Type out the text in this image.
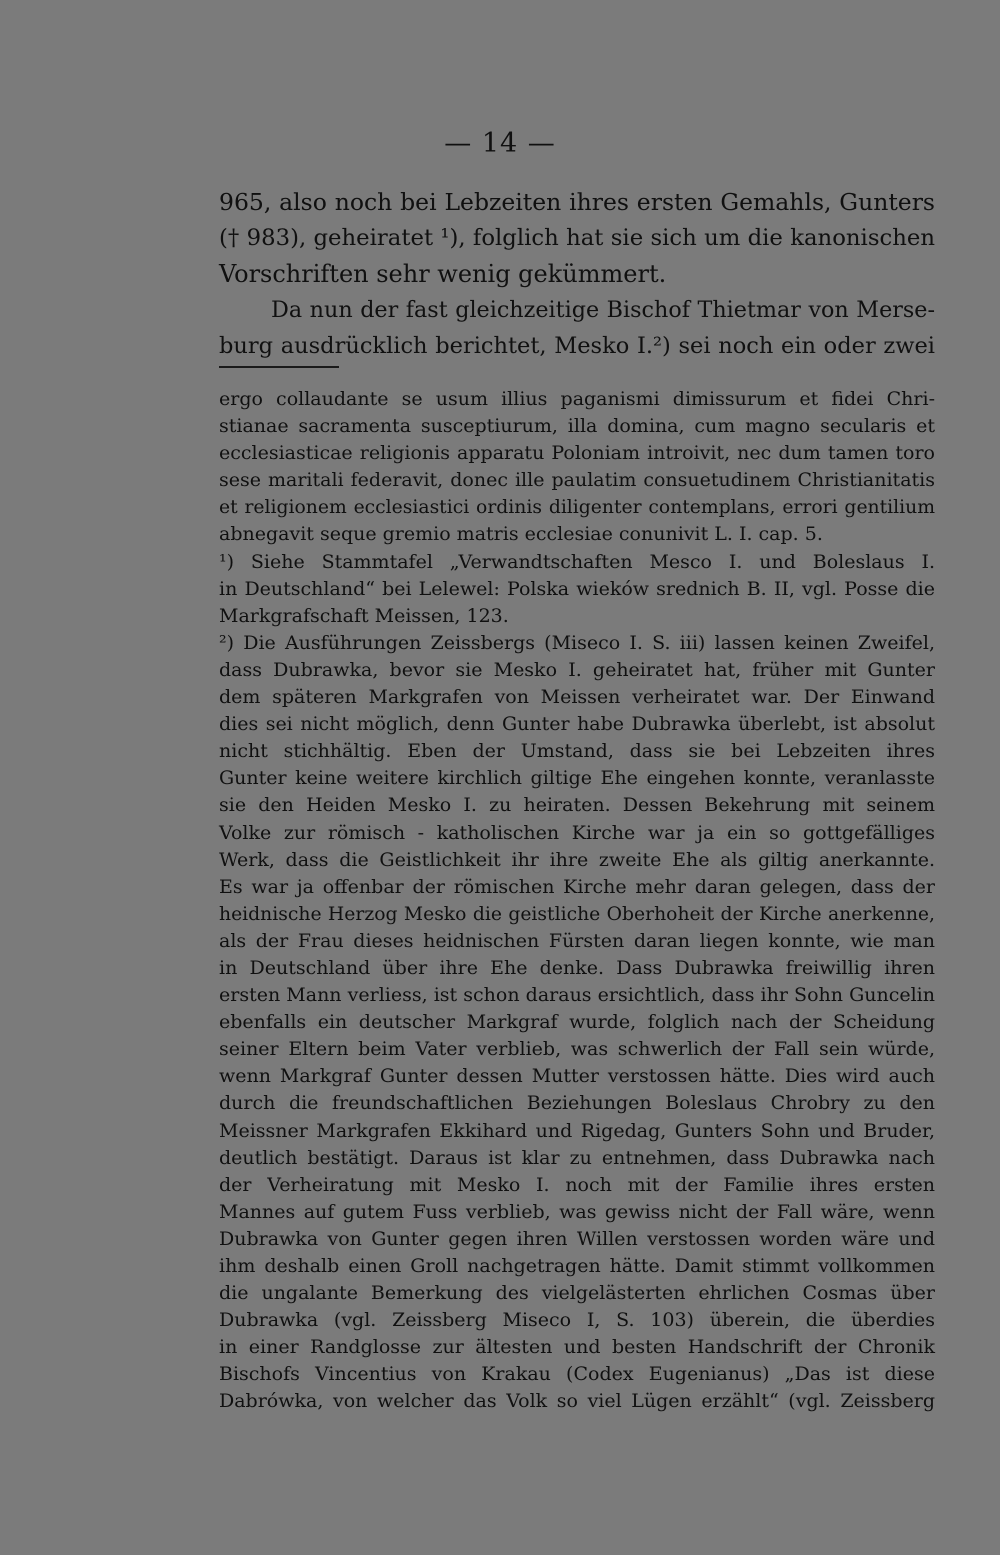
— 14 —
965, also noch bei Lebzeiten ihres ersten Gemahls, Gunters
(† 983), geheiratet ¹), folglich hat sie sich um die kanonischen
Vorschriften sehr wenig gekümmert.
Da nun der fast gleichzeitige Bischof Thietmar von Merse-
burg ausdrücklich berichtet, Mesko I.²) sei noch ein oder zwei
ergo collaudante se usum illius paganismi dimissurum et fidei Chri-
stianae sacramenta susceptiurum, illa domina, cum magno secularis et
ecclesiasticae religionis apparatu Poloniam introivit, nec dum tamen toro
sese maritali federavit, donec ille paulatim consuetudinem Christianitatis
et religionem ecclesiastici ordinis diligenter contemplans, errori gentilium
abnegavit seque gremio matris ecclesiae conunivit L. I. cap. 5.
¹) Siehe Stammtafel „Verwandtschaften Mesco I. und Boleslaus I.
in Deutschland“ bei Lelewel: Polska wieków srednich B. II, vgl. Posse die
Markgrafschaft Meissen, 123.
²) Die Ausführungen Zeissbergs (Miseco I. S. iii) lassen keinen Zweifel,
dass Dubrawka, bevor sie Mesko I. geheiratet hat, früher mit Gunter
dem späteren Markgrafen von Meissen verheiratet war. Der Einwand
dies sei nicht möglich, denn Gunter habe Dubrawka überlebt, ist absolut
nicht stichhältig. Eben der Umstand, dass sie bei Lebzeiten ihres
Gunter keine weitere kirchlich giltige Ehe eingehen konnte, veranlasste
sie den Heiden Mesko I. zu heiraten. Dessen Bekehrung mit seinem
Volke zur römisch - katholischen Kirche war ja ein so gottgefälliges
Werk, dass die Geistlichkeit ihr ihre zweite Ehe als giltig anerkannte.
Es war ja offenbar der römischen Kirche mehr daran gelegen, dass der
heidnische Herzog Mesko die geistliche Oberhoheit der Kirche anerkenne,
als der Frau dieses heidnischen Fürsten daran liegen konnte, wie man
in Deutschland über ihre Ehe denke. Dass Dubrawka freiwillig ihren
ersten Mann verliess, ist schon daraus ersichtlich, dass ihr Sohn Guncelin
ebenfalls ein deutscher Markgraf wurde, folglich nach der Scheidung
seiner Eltern beim Vater verblieb, was schwerlich der Fall sein würde,
wenn Markgraf Gunter dessen Mutter verstossen hätte. Dies wird auch
durch die freundschaftlichen Beziehungen Boleslaus Chrobry zu den
Meissner Markgrafen Ekkihard und Rigedag, Gunters Sohn und Bruder,
deutlich bestätigt. Daraus ist klar zu entnehmen, dass Dubrawka nach
der Verheiratung mit Mesko I. noch mit der Familie ihres ersten
Mannes auf gutem Fuss verblieb, was gewiss nicht der Fall wäre, wenn
Dubrawka von Gunter gegen ihren Willen verstossen worden wäre und
ihm deshalb einen Groll nachgetragen hätte. Damit stimmt vollkommen
die ungalante Bemerkung des vielgelästerten ehrlichen Cosmas über
Dubrawka (vgl. Zeissberg Miseco I, S. 103) überein, die überdies
in einer Randglosse zur ältesten und besten Handschrift der Chronik
Bischofs Vincentius von Krakau (Codex Eugenianus) „Das ist diese
Dabrówka, von welcher das Volk so viel Lügen erzählt“ (vgl. Zeissberg
